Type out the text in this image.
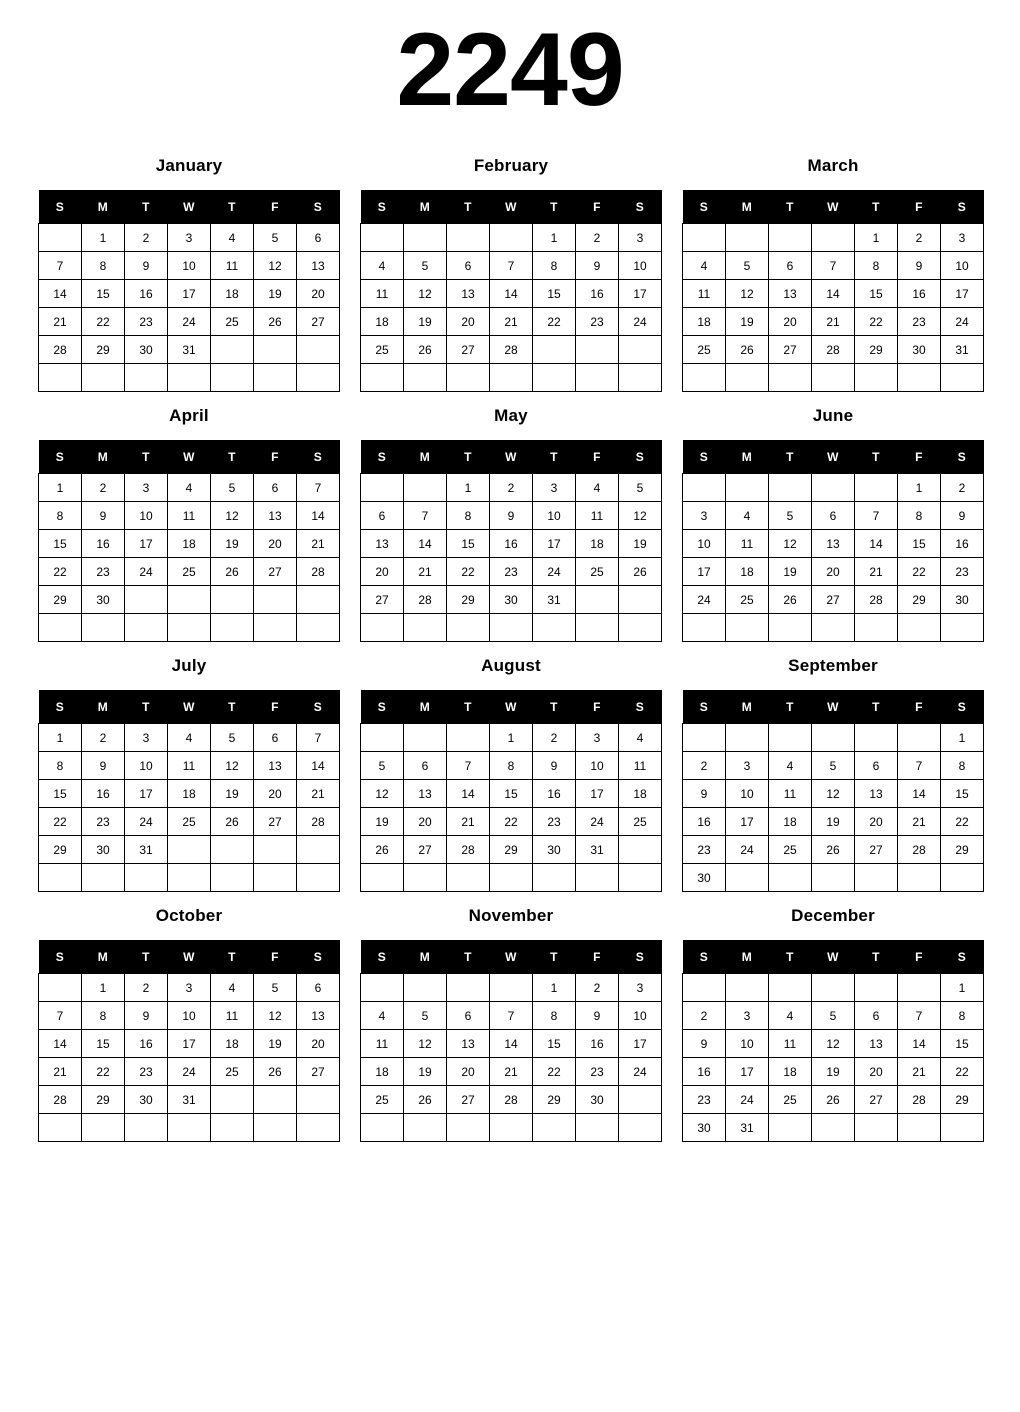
2249
January
S	M	T	W	T	F	S
	1	2	3	4	5	6
7	8	9	10	11	12	13
14	15	16	17	18	19	20
21	22	23	24	25	26	27
28	29	30	31			

February
S	M	T	W	T	F	S
				1	2	3
4	5	6	7	8	9	10
11	12	13	14	15	16	17
18	19	20	21	22	23	24
25	26	27	28			

March
S	M	T	W	T	F	S
				1	2	3
4	5	6	7	8	9	10
11	12	13	14	15	16	17
18	19	20	21	22	23	24
25	26	27	28	29	30	31

April
S	M	T	W	T	F	S
1	2	3	4	5	6	7
8	9	10	11	12	13	14
15	16	17	18	19	20	21
22	23	24	25	26	27	28
29	30					

May
S	M	T	W	T	F	S
		1	2	3	4	5
6	7	8	9	10	11	12
13	14	15	16	17	18	19
20	21	22	23	24	25	26
27	28	29	30	31		

June
S	M	T	W	T	F	S
					1	2
3	4	5	6	7	8	9
10	11	12	13	14	15	16
17	18	19	20	21	22	23
24	25	26	27	28	29	30

July
S	M	T	W	T	F	S
1	2	3	4	5	6	7
8	9	10	11	12	13	14
15	16	17	18	19	20	21
22	23	24	25	26	27	28
29	30	31				

August
S	M	T	W	T	F	S
			1	2	3	4
5	6	7	8	9	10	11
12	13	14	15	16	17	18
19	20	21	22	23	24	25
26	27	28	29	30	31	

September
S	M	T	W	T	F	S
						1
2	3	4	5	6	7	8
9	10	11	12	13	14	15
16	17	18	19	20	21	22
23	24	25	26	27	28	29
30						
October
S	M	T	W	T	F	S
	1	2	3	4	5	6
7	8	9	10	11	12	13
14	15	16	17	18	19	20
21	22	23	24	25	26	27
28	29	30	31			

November
S	M	T	W	T	F	S
				1	2	3
4	5	6	7	8	9	10
11	12	13	14	15	16	17
18	19	20	21	22	23	24
25	26	27	28	29	30	

December
S	M	T	W	T	F	S
						1
2	3	4	5	6	7	8
9	10	11	12	13	14	15
16	17	18	19	20	21	22
23	24	25	26	27	28	29
30	31					
